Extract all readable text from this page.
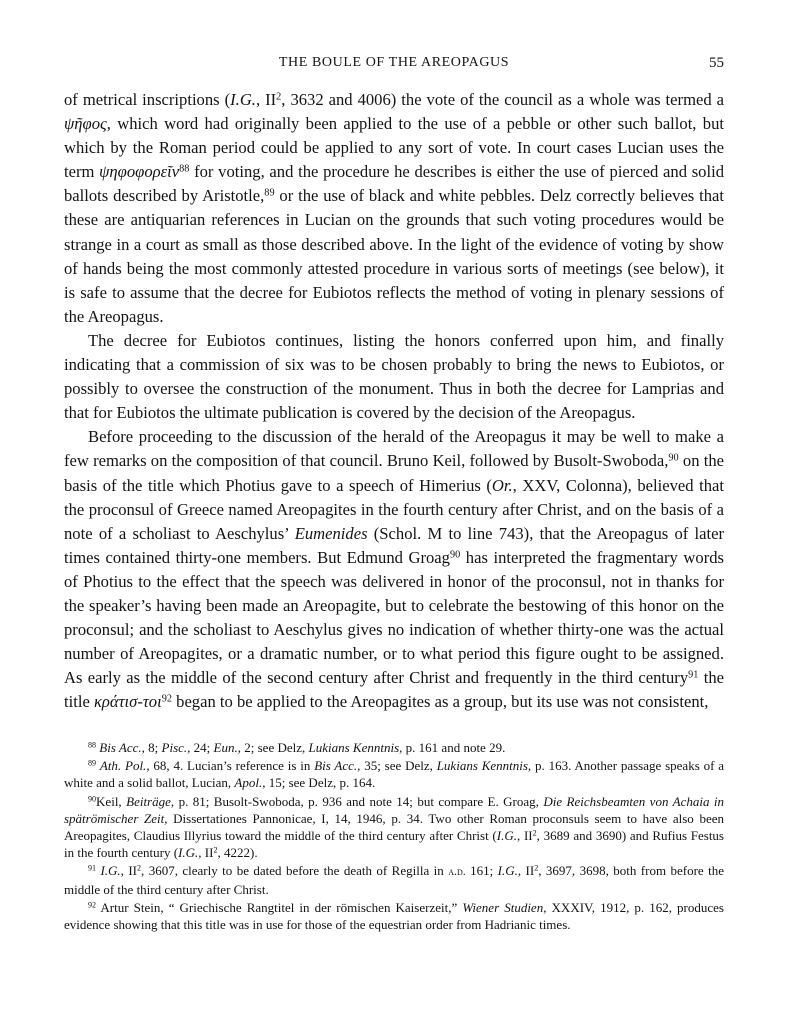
THE BOULE OF THE AREOPAGUS	55

of metrical inscriptions (I.G., $II^2$, 3632 and 4006) the vote of the council as a whole was termed a ψῆφος, which word had originally been applied to the use of a pebble or other such ballot, but which by the Roman period could be applied to any sort of vote. In court cases Lucian uses the term ψηφοφορεῖν$^{88}$ for voting, and the procedure he describes is either the use of pierced and solid ballots described by Aristotle,$^{89}$ or the use of black and white pebbles. Delz correctly believes that these are antiquarian references in Lucian on the grounds that such voting procedures would be strange in a court as small as those described above. In the light of the evidence of voting by show of hands being the most commonly attested procedure in various sorts of meetings (see below), it is safe to assume that the decree for Eubiotos reflects the method of voting in plenary sessions of the Areopagus.

The decree for Eubiotos continues, listing the honors conferred upon him, and finally indicating that a commission of six was to be chosen probably to bring the news to Eubiotos, or possibly to oversee the construction of the monument. Thus in both the decree for Lamprias and that for Eubiotos the ultimate publication is covered by the decision of the Areopagus.

Before proceeding to the discussion of the herald of the Areopagus it may be well to make a few remarks on the composition of that council. Bruno Keil, followed by Busolt-Swoboda,$^{90}$ on the basis of the title which Photius gave to a speech of Himerius (Or., XXV, Colonna), believed that the proconsul of Greece named Areopagites in the fourth century after Christ, and on the basis of a note of a scholiast to Aeschylus’ Eumenides (Schol. M to line 743), that the Areopagus of later times contained thirty-one members. But Edmund Groag$^{90}$ has interpreted the fragmentary words of Photius to the effect that the speech was delivered in honor of the proconsul, not in thanks for the speaker’s having been made an Areopagite, but to celebrate the bestowing of this honor on the proconsul; and the scholiast to Aeschylus gives no indication of whether thirty-one was the actual number of Areopagites, or a dramatic number, or to what period this figure ought to be assigned. As early as the middle of the second century after Christ and frequently in the third century$^{91}$ the title κράτισ-τοι$^{92}$ began to be applied to the Areopagites as a group, but its use was not consistent,

$^{88}$ Bis Acc., 8; Pisc., 24; Eun., 2; see Delz, Lukians Kenntnis, p. 161 and note 29.

$^{89}$ Ath. Pol., 68, 4. Lucian’s reference is in Bis Acc., 35; see Delz, Lukians Kenntnis, p. 163. Another passage speaks of a white and a solid ballot, Lucian, Apol., 15; see Delz, p. 164.

$^{90}$Keil, Beiträge, p. 81; Busolt-Swoboda, p. 936 and note 14; but compare E. Groag, Die Reichsbeamten von Achaia in spätrömischer Zeit, Dissertationes Pannonicae, I, 14, 1946, p. 34. Two other Roman proconsuls seem to have also been Areopagites, Claudius Illyrius toward the middle of the third century after Christ (I.G., $II^2$, 3689 and 3690) and Rufius Festus in the fourth century (I.G., $II^2$, 4222).

$^{91}$ I.G., $II^2$, 3607, clearly to be dated before the death of Regilla in a.d. 161; I.G., $II^2$, 3697, 3698, both from before the middle of the third century after Christ.

$^{92}$ Artur Stein, “ Griechische Rangtitel in der römischen Kaiserzeit,” Wiener Studien, XXXIV, 1912, p. 162, produces evidence showing that this title was in use for those of the equestrian order from Hadrianic times.
